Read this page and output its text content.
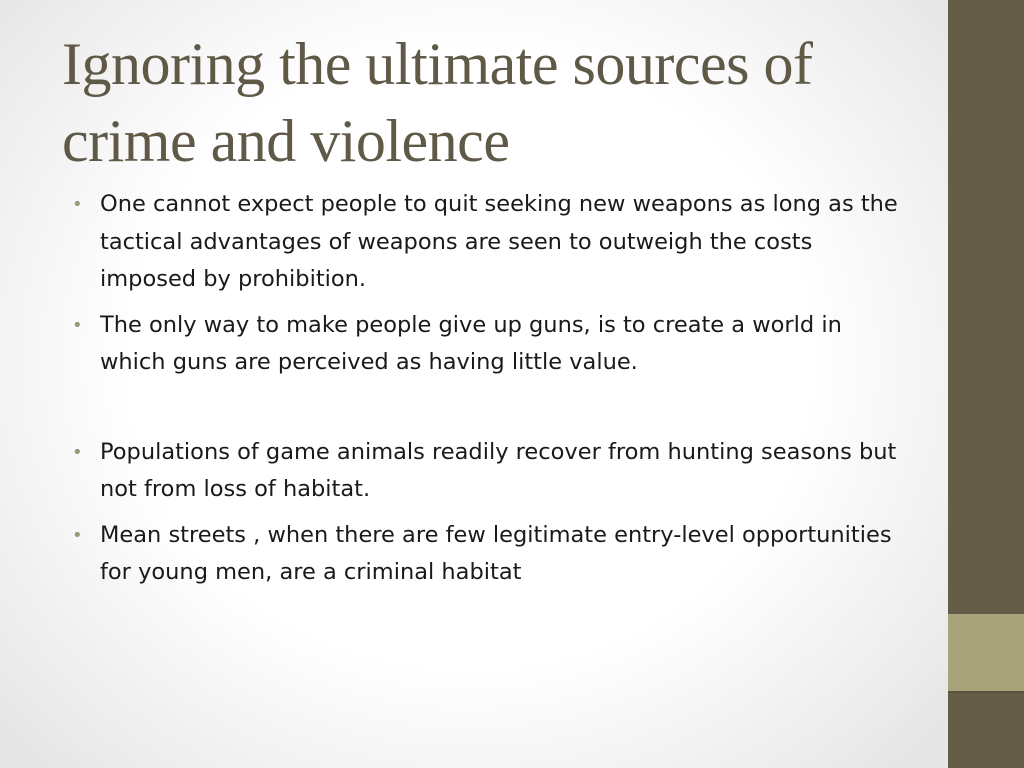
Ignoring the ultimate sources of crime and violence
• One cannot expect people to quit seeking new weapons as long as the tactical advantages of weapons are seen to outweigh the costs imposed by prohibition.
• The only way to make people give up guns, is to create a world in which guns are perceived as having little value.
• Populations of game animals readily recover from hunting seasons but not from loss of habitat.
• Mean streets , when there are few legitimate entry-level opportunities for young men, are a criminal habitat
